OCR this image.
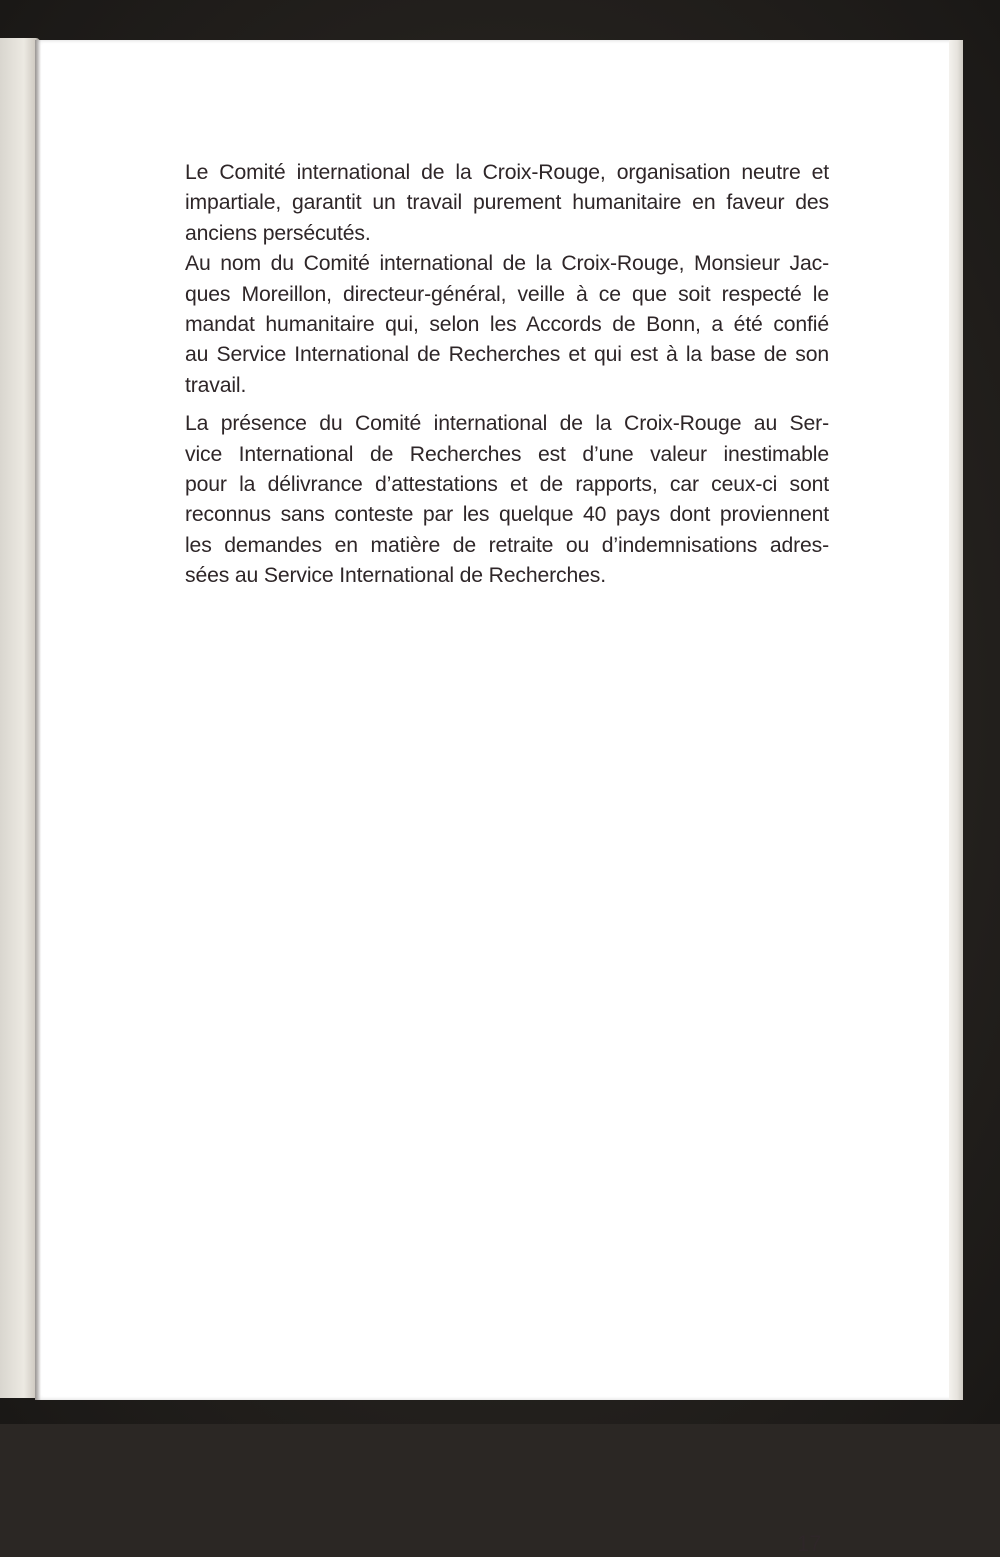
Le Comité international de la Croix-Rouge, organisation neutre et
impartiale, garantit un travail purement humanitaire en faveur des
anciens persécutés.
Au nom du Comité international de la Croix-Rouge, Monsieur Jac-
ques Moreillon, directeur-général, veille à ce que soit respecté le
mandat humanitaire qui, selon les Accords de Bonn, a été confié
au Service International de Recherches et qui est à la base de son
travail.
La présence du Comité international de la Croix-Rouge au Ser-
vice International de Recherches est d’une valeur inestimable
pour la délivrance d’attestations et de rapports, car ceux-ci sont
reconnus sans conteste par les quelque 40 pays dont proviennent
les demandes en matière de retraite ou d’indemnisations adres-
sées au Service International de Recherches.
17
